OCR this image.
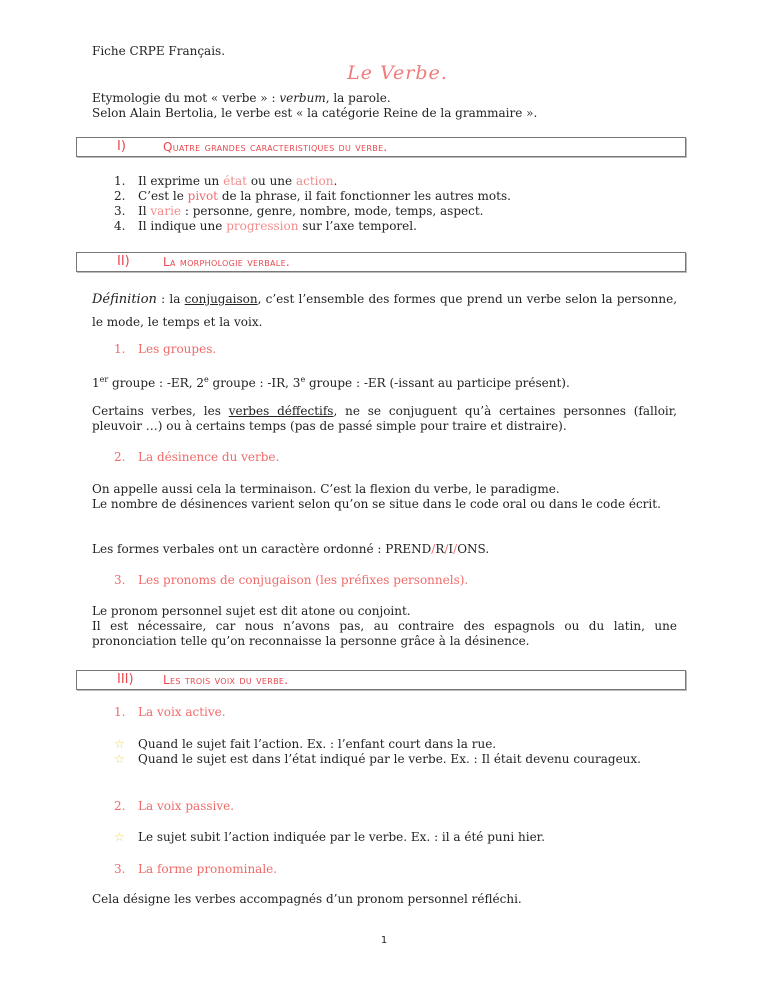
Fiche CRPE Français.
Le Verbe.
Etymologie du mot « verbe » : verbum, la parole.
Selon Alain Bertolia, le verbe est « la catégorie Reine de la grammaire ».
I)	Quatre grandes caracteristiques du verbe.
1. Il exprime un état ou une action.
2. C’est le pivot de la phrase, il fait fonctionner les autres mots.
3. Il varie : personne, genre, nombre, mode, temps, aspect.
4. Il indique une progression sur l’axe temporel.
II)	La morphologie verbale.
Définition : la conjugaison, c’est l’ensemble des formes que prend un verbe selon la personne, le mode, le temps et la voix.
1. Les groupes.
1er groupe : -ER, 2e groupe : -IR, 3e groupe : -ER (-issant au participe présent).
Certains verbes, les verbes déffectifs, ne se conjuguent qu’à certaines personnes (falloir, pleuvoir …) ou à certains temps (pas de passé simple pour traire et distraire).
2. La désinence du verbe.
On appelle aussi cela la terminaison. C’est la flexion du verbe, le paradigme.
Le nombre de désinences varient selon qu’on se situe dans le code oral ou dans le code écrit.
Les formes verbales ont un caractère ordonné : PREND/R/I/ONS.
3. Les pronoms de conjugaison (les préfixes personnels).
Le pronom personnel sujet est dit atone ou conjoint.
Il est nécessaire, car nous n’avons pas, au contraire des espagnols ou du latin, une prononciation telle qu’on reconnaisse la personne grâce à la désinence.
III) Les trois voix du verbe.
1. La voix active.
☆ Quand le sujet fait l’action. Ex. : l’enfant court dans la rue.
☆ Quand le sujet est dans l’état indiqué par le verbe. Ex. : Il était devenu courageux.
2. La voix passive.
☆ Le sujet subit l’action indiquée par le verbe. Ex. : il a été puni hier.
3. La forme pronominale.
Cela désigne les verbes accompagnés d’un pronom personnel réfléchi.
1
